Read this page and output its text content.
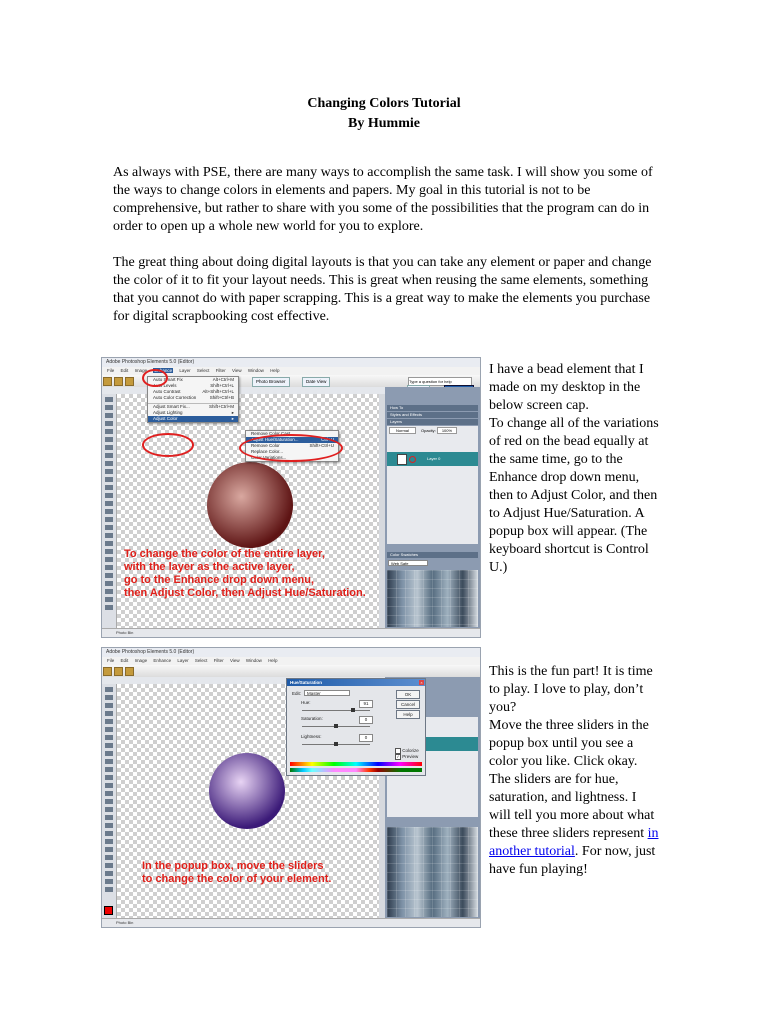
Changing Colors Tutorial
By Hummie
As always with PSE, there are many ways to accomplish the same task. I will show you some of the ways to change colors in elements and papers. My goal in this tutorial is not to be comprehensive, but rather to share with you some of the possibilities that the program can do in order to open up a whole new world for you to explore.
The great thing about doing digital layouts is that you can take any element or paper and change the color of it to fit your layout needs. This is great when reusing the same elements, something that you cannot do with paper scrapping. This is a great way to make the elements you purchase for digital scrapbooking cost effective.
Adobe Photoshop Elements 5.0 (Editor)
File Edit Image Enhance Layer Select Filter View Window Help
Photo Browser	Date View	Type a question for help
How To
Styles and Effects
Layers
Normal	Opacity: 100%
Layer 0
Color Swatches
Web Safe
Photo Bin
Auto Smart Fix	Alt+Ctrl+M
Auto Levels	Shift+Ctrl+L
Auto Contrast	Alt+Shift+Ctrl+L
Auto Color Correction	Shift+Ctrl+B
Adjust Smart Fix...	Shift+Ctrl+M
Adjust Lighting	▸
Adjust Color	▸
Remove Color Cast...
Adjust Hue/Saturation...	Ctrl+U
Remove Color	Shift+Ctrl+U
Replace Color...
Color Variations...
To change the color of the entire layer,
with the layer as the active layer,
go to the Enhance drop down menu,
then Adjust Color, then Adjust Hue/Saturation.

I have a bead element that I made on my desktop in the below screen cap.

To change all of the variations of red on the bead equally at the same time, go to the Enhance drop down menu, then to Adjust Color, and then to Adjust Hue/Saturation. A popup box will appear. (The keyboard shortcut is Control U.)

Adobe Photoshop Elements 5.0 (Editor)
File Edit Image Enhance Layer Select Filter View Window Help
Photo Bin
Hue/Saturation	×
Edit:	Master
Hue:	91
Saturation:	0
Lightness:	0
OK
Cancel
Help
Colorize
✓ Preview
In the popup box, move the sliders
to change the color of your element.

This is the fun part! It is time to play. I love to play, don’t you?

Move the three sliders in the popup box until you see a color you like. Click okay.

The sliders are for hue, saturation, and lightness. I will tell you more about what these three sliders represent in another tutorial. For now, just have fun playing!
